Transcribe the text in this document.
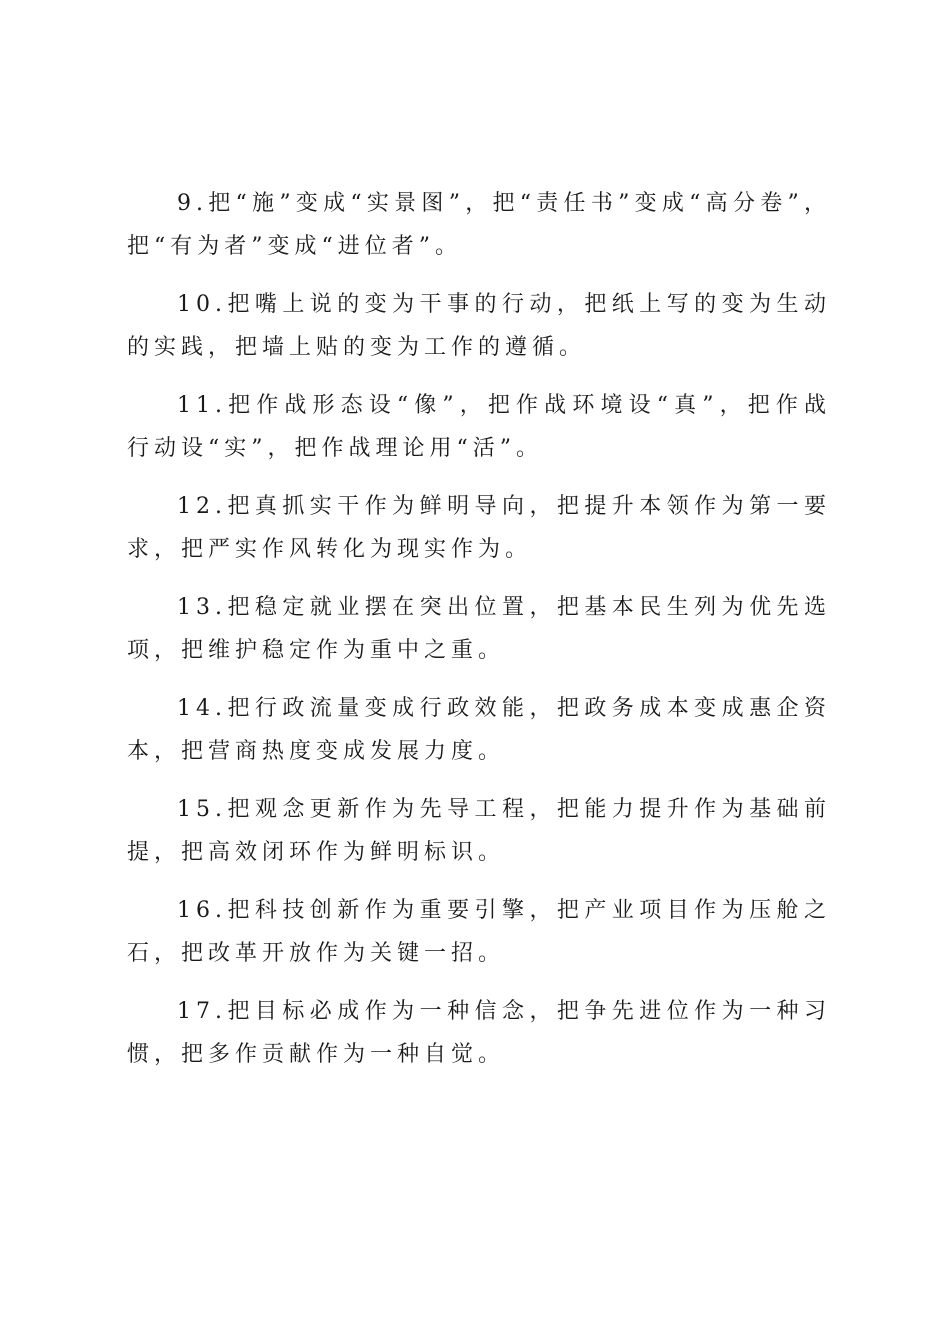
9.把“施”变成“实景图”，把“责任书”变成“高分卷”，把“有为者”变成“进位者”。

10.把嘴上说的变为干事的行动，把纸上写的变为生动的实践，把墙上贴的变为工作的遵循。

11.把作战形态设“像”，把作战环境设“真”，把作战行动设“实”，把作战理论用“活”。

12.把真抓实干作为鲜明导向，把提升本领作为第一要求，把严实作风转化为现实作为。

13.把稳定就业摆在突出位置，把基本民生列为优先选项，把维护稳定作为重中之重。

14.把行政流量变成行政效能，把政务成本变成惠企资本，把营商热度变成发展力度。

15.把观念更新作为先导工程，把能力提升作为基础前提，把高效闭环作为鲜明标识。

16.把科技创新作为重要引擎，把产业项目作为压舱之石，把改革开放作为关键一招。

17.把目标必成作为一种信念，把争先进位作为一种习惯，把多作贡献作为一种自觉。
